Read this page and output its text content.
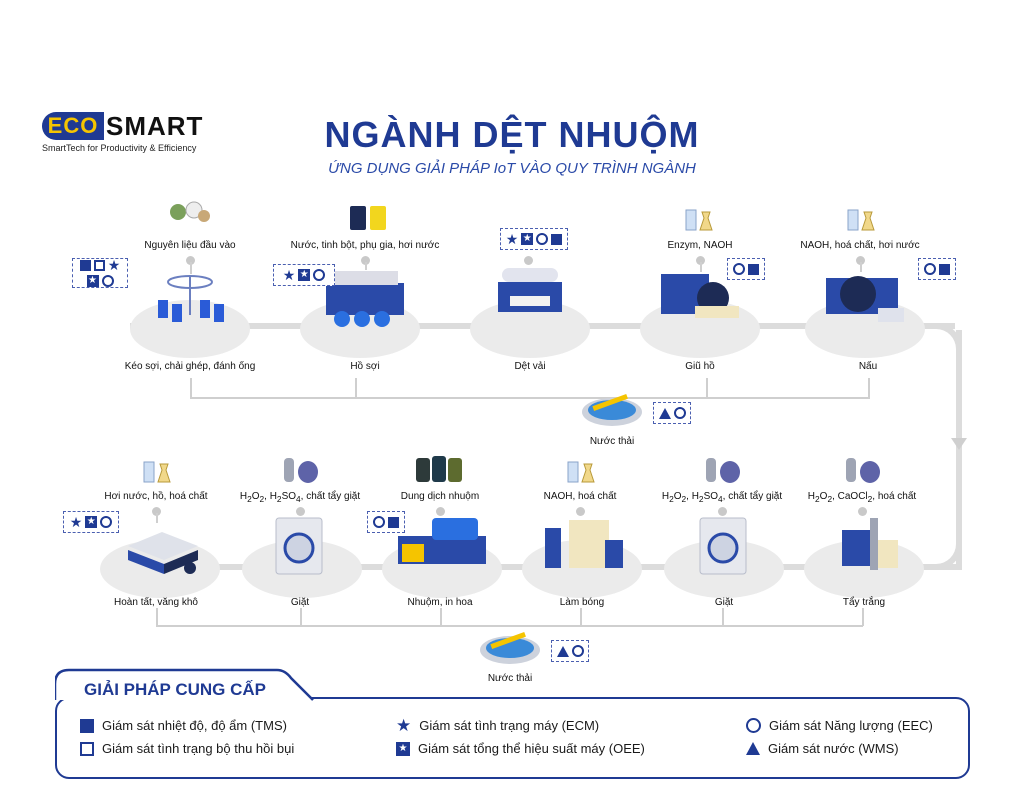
ECO SMART
SmartTech for Productivity & Efficiency	NGÀNH DỆT NHUỘM
ỨNG DỤNG GIẢI PHÁP IoT VÀO QUY TRÌNH NGÀNH
Kéo sợi, chải ghép, đánh ống
Nguyên liệu đầu vào
★
★
Hồ sợi
Nước, tinh bột, phụ gia, hơi nước
★ ★
Dệt vải
★ ★
Giũ hồ
Enzym, NAOH
Nấu
NAOH, hoá chất, hơi nước
Nước thải
Hoàn tất, văng khô
Hơi nước, hồ, hoá chất
★ ★
Giặt
$H_2O_2$, $H_2SO_4$, chất tẩy giặt
Nhuộm, in hoa
Dung dịch nhuộm
Làm bóng
NAOH, hoá chất
Giặt
$H_2O_2$, $H_2SO_4$, chất tẩy giặt
Tẩy trắng
$H_2O_2$, CaOCl$_2$, hoá chất
Nước thải
GIẢI PHÁP CUNG CẤP
Giám sát nhiệt độ, độ ẩm (TMS)
Giám sát tình trạng bộ thu hồi bụi
★ Giám sát tình trạng máy (ECM)
★ Giám sát tổng thể hiệu suất máy (OEE)
Giám sát Năng lượng (EEC)
Giám sát nước (WMS)
